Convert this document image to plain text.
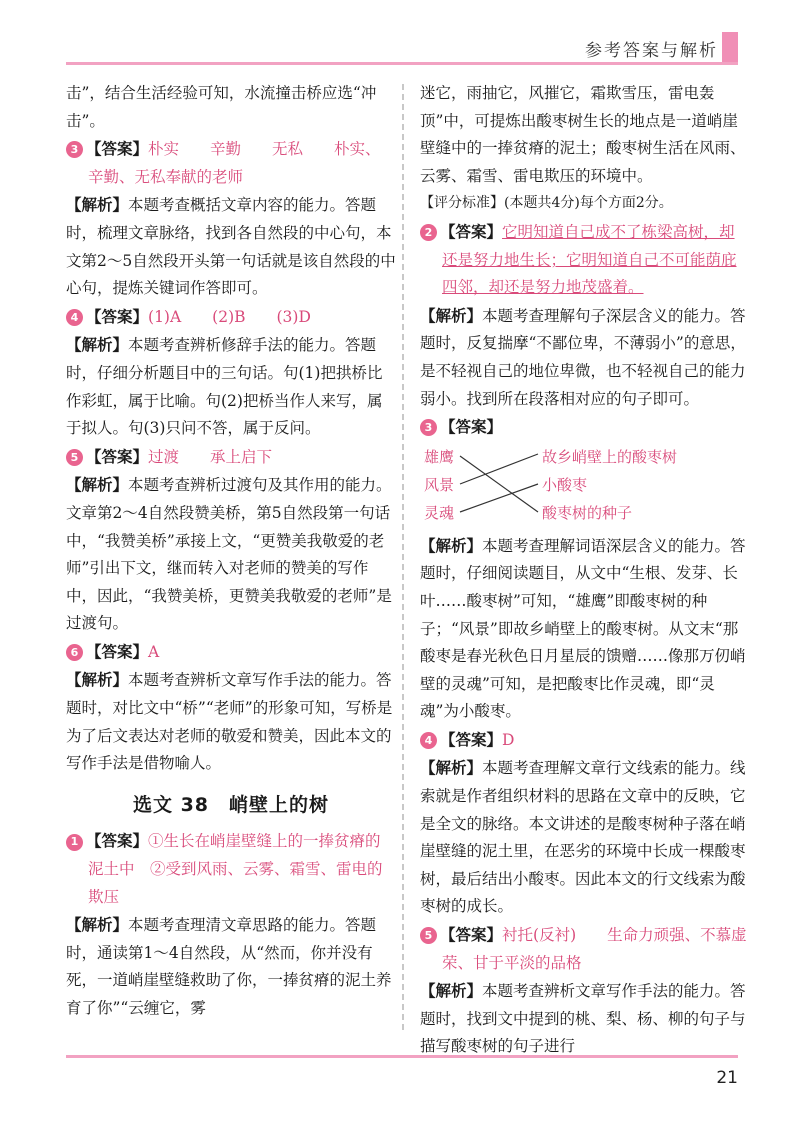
参考答案与解析

击”，结合生活经验可知，水流撞击桥应选“冲击”。

3 【答案】朴实　　辛勤　　无私　　朴实、辛勤、无私奉献的老师

【解析】本题考查概括文章内容的能力。答题时，梳理文章脉络，找到各自然段的中心句，本文第2～5自然段开头第一句话就是该自然段的中心句，提炼关键词作答即可。

4 【答案】(1)A　　(2)B　　(3)D

【解析】本题考查辨析修辞手法的能力。答题时，仔细分析题目中的三句话。句(1)把拱桥比作彩虹，属于比喻。句(2)把桥当作人来写，属于拟人。句(3)只问不答，属于反问。

5 【答案】过渡　　承上启下

【解析】本题考查辨析过渡句及其作用的能力。文章第2～4自然段赞美桥，第5自然段第一句话中，“我赞美桥”承接上文，“更赞美我敬爱的老师”引出下文，继而转入对老师的赞美的写作中，因此，“我赞美桥，更赞美我敬爱的老师”是过渡句。

6 【答案】A

【解析】本题考查辨析文章写作手法的能力。答题时，对比文中“桥”“老师”的形象可知，写桥是为了后文表达对老师的敬爱和赞美，因此本文的写作手法是借物喻人。

选文 38　峭壁上的树

1 【答案】①生长在峭崖壁缝上的一捧贫瘠的泥土中　②受到风雨、云雾、霜雪、雷电的欺压

【解析】本题考查理清文章思路的能力。答题时，通读第1～4自然段，从“然而，你并没有死，一道峭崖壁缝救助了你，一捧贫瘠的泥土养育了你”“云缠它，雾

迷它，雨抽它，风摧它，霜欺雪压，雷电轰顶”中，可提炼出酸枣树生长的地点是一道峭崖壁缝中的一捧贫瘠的泥土；酸枣树生活在风雨、云雾、霜雪、雷电欺压的环境中。

【评分标准】(本题共4分)每个方面2分。

2 【答案】它明知道自己成不了栋梁高树，却还是努力地生长；它明知道自己不可能荫庇四邻，却还是努力地茂盛着。

【解析】本题考查理解句子深层含义的能力。答题时，反复揣摩“不鄙位卑，不薄弱小”的意思，是不轻视自己的地位卑微，也不轻视自己的能力弱小。找到所在段落相对应的句子即可。

3 【答案】

雄鹰
风景
灵魂
故乡峭壁上的酸枣树
小酸枣
酸枣树的种子

【解析】本题考查理解词语深层含义的能力。答题时，仔细阅读题目，从文中“生根、发芽、长叶……酸枣树”可知，“雄鹰”即酸枣树的种子；“风景”即故乡峭壁上的酸枣树。从文末“那酸枣是春光秋色日月星辰的馈赠……像那万仞峭壁的灵魂”可知，是把酸枣比作灵魂，即“灵魂”为小酸枣。

4 【答案】D

【解析】本题考查理解文章行文线索的能力。线索就是作者组织材料的思路在文章中的反映，它是全文的脉络。本文讲述的是酸枣树种子落在峭崖壁缝的泥土里，在恶劣的环境中长成一棵酸枣树，最后结出小酸枣。因此本文的行文线索为酸枣树的成长。

5 【答案】衬托(反衬)　　生命力顽强、不慕虚荣、甘于平淡的品格

【解析】本题考查辨析文章写作手法的能力。答题时，找到文中提到的桃、梨、杨、柳的句子与描写酸枣树的句子进行

21
